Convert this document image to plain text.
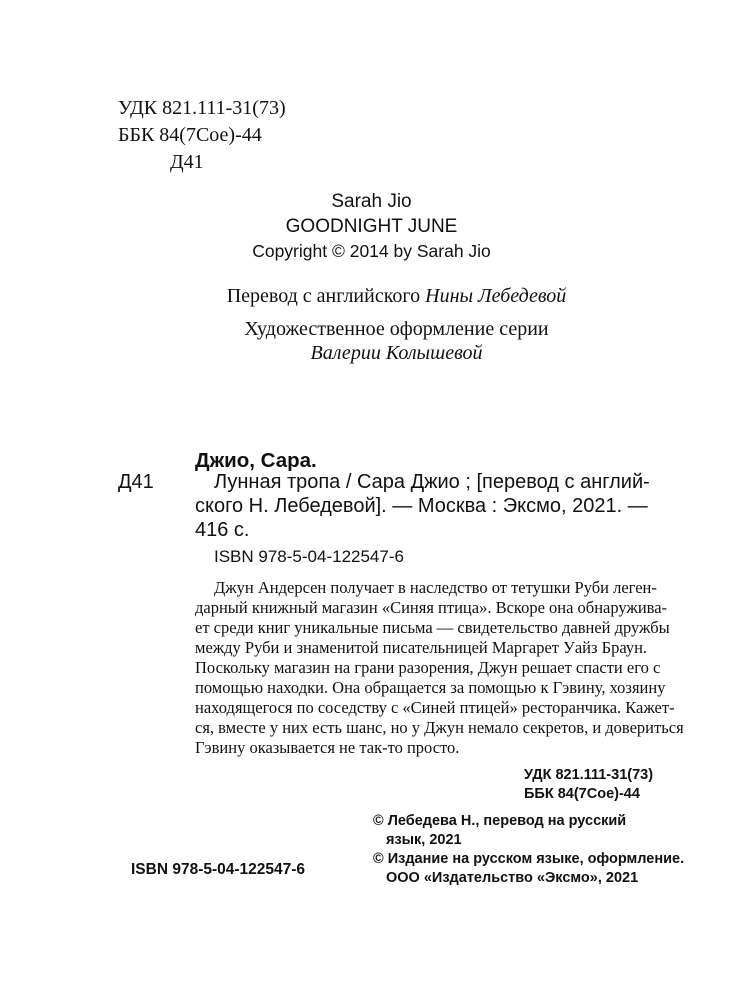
УДК 821.111-31(73)
ББК 84(7Сое)-44
Д41
Sarah Jio
GOODNIGHT JUNE
Copyright © 2014 by Sarah Jio
Перевод с английского Нины Лебедевой
Художественное оформление серии
Валерии Колышевой
Джио, Сара.
Д41	Лунная тропа / Сара Джио ; [перевод с англий-
ского Н. Лебедевой]. — Москва : Эксмо, 2021. —
416 с.
ISBN 978-5-04-122547-6
Джун Андерсен получает в наследство от тетушки Руби леген-
дарный книжный магазин «Синяя птица». Вскоре она обнаружива-
ет среди книг уникальные письма — свидетельство давней дружбы
между Руби и знаменитой писательницей Маргарет Уайз Браун.
Поскольку магазин на грани разорения, Джун решает спасти его с
помощью находки. Она обращается за помощью к Гэвину, хозяину
находящегося по соседству с «Синей птицей» ресторанчика. Кажет-
ся, вместе у них есть шанс, но у Джун немало секретов, и довериться
Гэвину оказывается не так-то просто.
УДК 821.111-31(73)
ББК 84(7Сое)-44
© Лебедева Н., перевод на русский
язык, 2021
© Издание на русском языке, оформление.
ООО «Издательство «Эксмо», 2021
ISBN 978-5-04-122547-6
